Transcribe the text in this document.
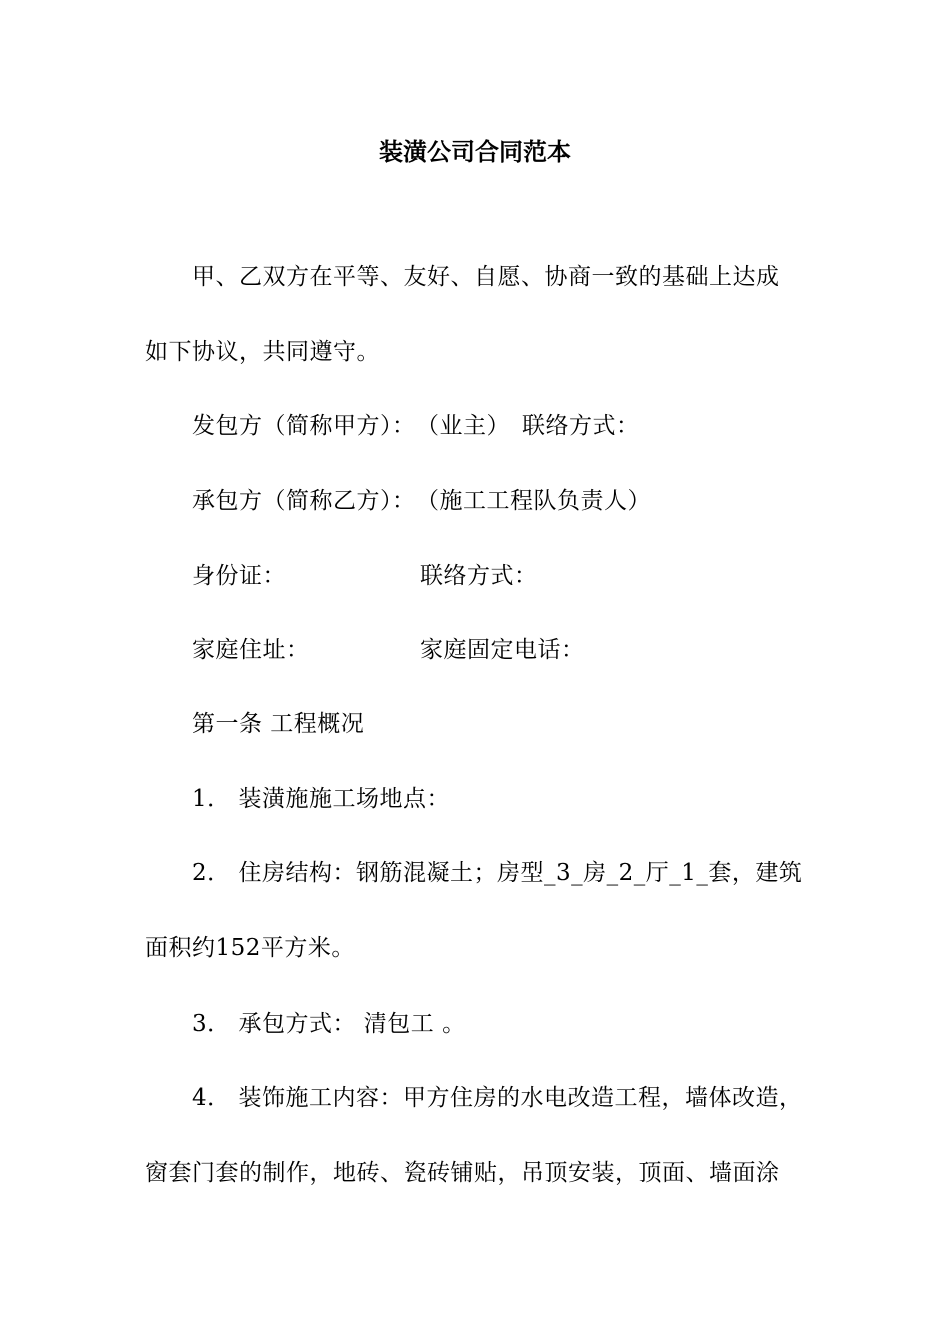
装潢公司合同范本
甲、乙双方在平等、友好、自愿、协商一致的基础上达成
如下协议，共同遵守。
发包方（简称甲方）：　（业主）　联络方式：
承包方（简称乙方）：　（施工工程队负责人）
身份证：	联络方式：
家庭住址：	家庭固定电话：
第一条 工程概况
1． 装潢施施工场地点：
2． 住房结构：钢筋混凝土；房型_3_房_2_厅_1_套，建筑
面积约152平方米。
3． 承包方式： 清包工 。
4． 装饰施工内容：甲方住房的水电改造工程，墙体改造，
窗套门套的制作，地砖、瓷砖铺贴，吊顶安装，顶面、墙面涂
